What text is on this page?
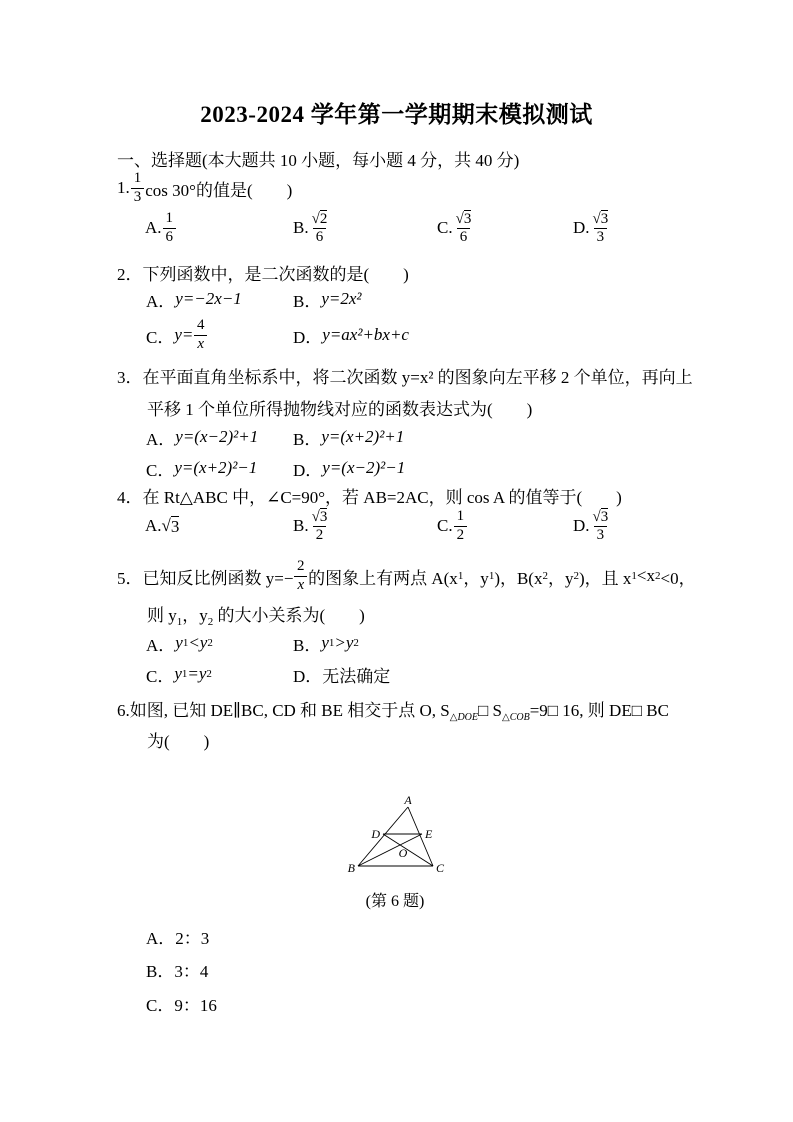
2023-2024 学年第一学期期末模拟测试
一、选择题(本大题共 10 小题，每小题 4 分，共 40 分)
1. $\frac{1}{3}$ cos 30°的值是(　　)
A. $\frac{1}{6}$	B. $\frac{√ 2}{6}$	C. $\frac{√ 3}{6}$	D. $\frac{√ 3}{3}$
2．下列函数中，是二次函数的是(　　)
A． y=−2x−1	B． y=2x²
C． $y= \frac{4}{x}$	D． y=ax²+bx+c
3．在平面直角坐标系中，将二次函数 y=x² 的图象向左平移 2 个单位，再向上
平移 1 个单位所得抛物线对应的函数表达式为(　　)
A． y=(x−2)²+1 B． y=(x+2)²+1
C． y=(x+2)²−1 D． y=(x−2)²−1
4．在 Rt△ABC 中，∠C=90°，若 AB=2AC，则 cos A 的值等于(　　)
A. √ 3	B. $\frac{√ 3}{2}$	C. $\frac{1}{2}$	D. $\frac{√ 3}{3}$
5．已知反比例函数 $y=- \frac{2}{x}$ 的图象上有两点 A(x 1 ，y 1 )，B(x 2 ，y 2 )，且 x 1 <x 2 <0，
则 $y_1$，$y_2$ 的大小关系为(　　)
A． y 1 <y 2	B． y 1 >y 2
C． y 1 =y 2	D． 无法确定
6.如图, 已知 DE∥BC, CD 和 BE 相交于点 O, $S_{\triangle DOE}□$ $S_{\triangle COB}=9□$ 16, 则 DE□ BC
为(　　)
A
D	E
O
B	C
(第 6 题)
A．2：3
B．3：4
C．9：16
